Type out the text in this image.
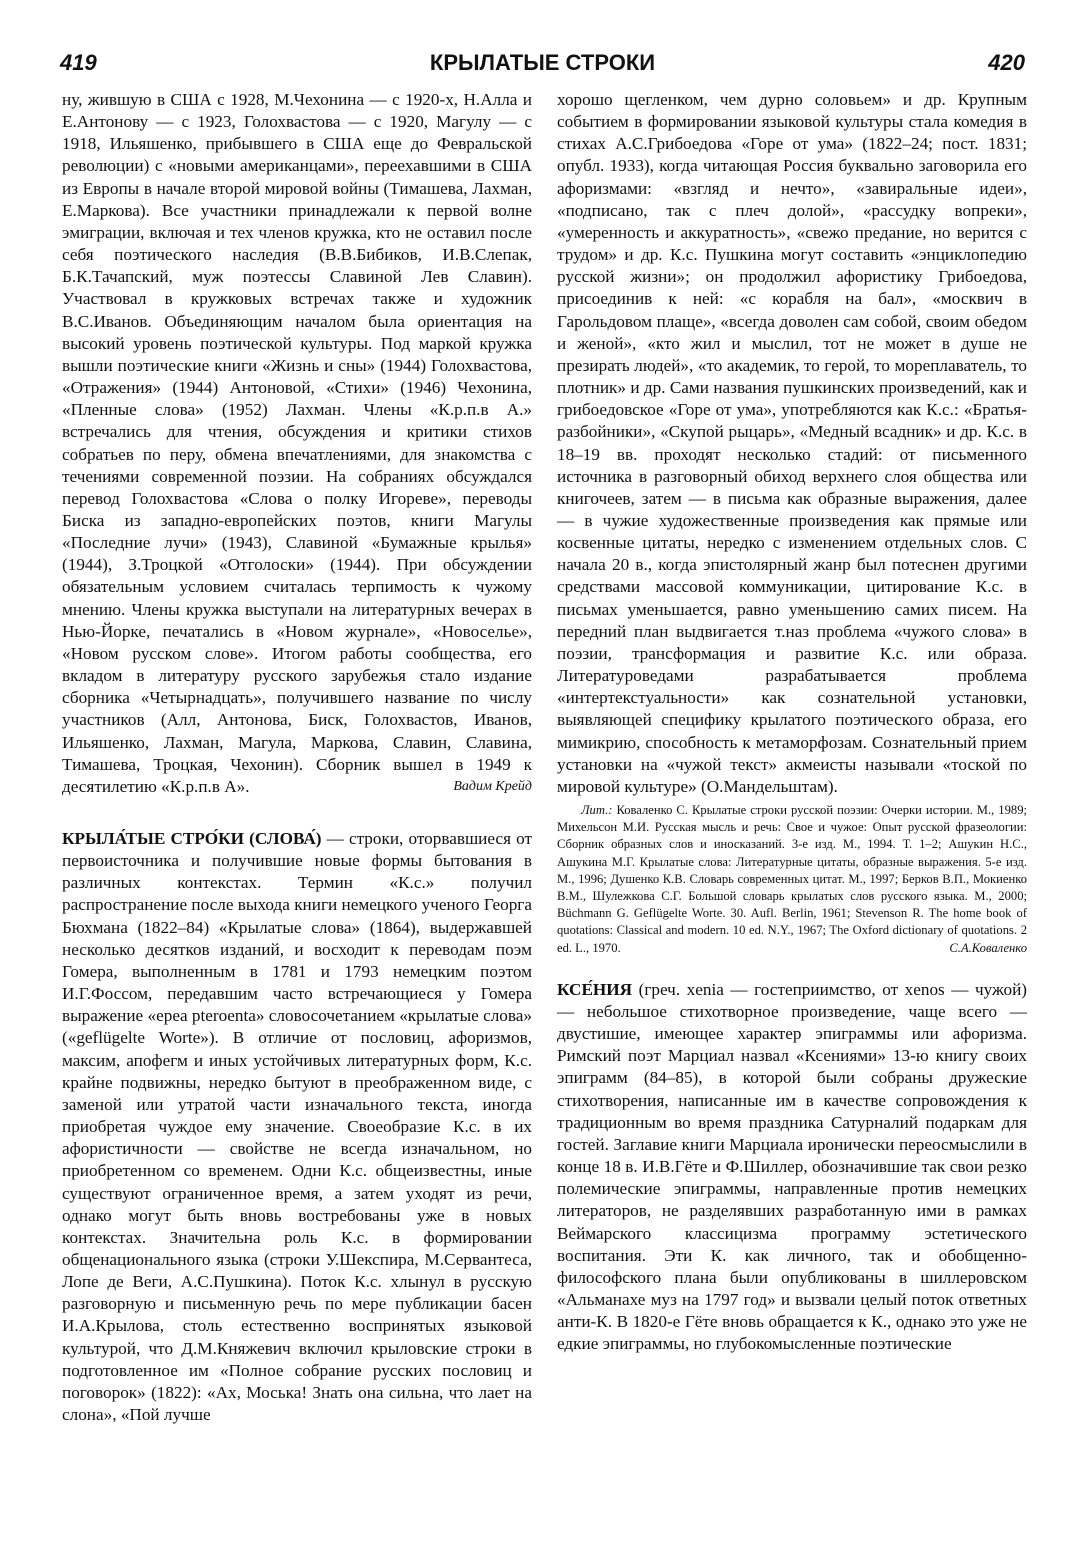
419	КРЫЛАТЫЕ СТРОКИ	420

ну, жившую в США с 1928, М.Чехонина — с 1920-х, Н.Алла и Е.Антонову — с 1923, Голохвастова — с 1920, Магулу — с 1918, Ильяшенко, прибывшего в США еще до Февральской революции) с «новыми американцами», переехавшими в США из Европы в начале второй мировой войны (Тимашева, Лахман, Е.Маркова). Все участники принадлежали к первой волне эмиграции, включая и тех членов кружка, кто не оставил после себя поэтического наследия (В.В.Бибиков, И.В.Слепак, Б.К.Тачапский, муж поэтессы Славиной Лев Славин). Участвовал в кружковых встречах также и художник В.С.Иванов. Объединяющим началом была ориентация на высокий уровень поэтической культуры. Под маркой кружка вышли поэтические книги «Жизнь и сны» (1944) Голохвастова, «Отражения» (1944) Антоновой, «Стихи» (1946) Чехонина, «Пленные слова» (1952) Лахман. Члены «К.р.п.в А.» встречались для чтения, обсуждения и критики стихов собратьев по перу, обмена впечатлениями, для знакомства с течениями современной поэзии. На собраниях обсуждался перевод Голохвастова «Слова о полку Игореве», переводы Биска из западно-европейских поэтов, книги Магулы «Последние лучи» (1943), Славиной «Бумажные крылья» (1944), З.Троцкой «Отголоски» (1944). При обсуждении обязательным условием считалась терпимость к чужому мнению. Члены кружка выступали на литературных вечерах в Нью-Йорке, печатались в «Новом журнале», «Новоселье», «Новом русском слове». Итогом работы сообщества, его вкладом в литературу русского зарубежья стало издание сборника «Четырнадцать», получившего название по числу участников (Алл, Антонова, Биск, Голохвастов, Иванов, Ильяшенко, Лахман, Магула, Маркова, Славин, Славина, Тимашева, Троцкая, Чехонин). Сборник вышел в 1949 к десятилетию «К.р.п.в А».	Вадим Крейд

КРЫЛА́ТЫЕ СТРО́КИ (СЛОВА́) — строки, оторвавшиеся от первоисточника и получившие новые формы бытования в различных контекстах. Термин «К.с.» получил распространение после выхода книги немецкого ученого Георга Бюхмана (1822–84) «Крылатые слова» (1864), выдержавшей несколько десятков изданий, и восходит к переводам поэм Гомера, выполненным в 1781 и 1793 немецким поэтом И.Г.Фоссом, передавшим часто встречающиеся у Гомера выражение «epea pteroenta» словосочетанием «крылатые слова» («geflügelte Worte»). В отличие от пословиц, афоризмов, максим, апофегм и иных устойчивых литературных форм, К.с. крайне подвижны, нередко бытуют в преображенном виде, с заменой или утратой части изначального текста, иногда приобретая чуждое ему значение. Своеобразие К.с. в их афористичности — свойстве не всегда изначальном, но приобретенном со временем. Одни К.с. общеизвестны, иные существуют ограниченное время, а затем уходят из речи, однако могут быть вновь востребованы уже в новых контекстах. Значительна роль К.с. в формировании общенационального языка (строки У.Шекспира, М.Сервантеса, Лопе де Веги, А.С.Пушкина). Поток К.с. хлынул в русскую разговорную и письменную речь по мере публикации басен И.А.Крылова, столь естественно воспринятых языковой культурой, что Д.М.Княжевич включил крыловские строки в подготовленное им «Полное собрание русских пословиц и поговорок» (1822): «Ах, Моська! Знать она сильна, что лает на слона», «Пой лучше

хорошо щегленком, чем дурно соловьем» и др. Крупным событием в формировании языковой культуры стала комедия в стихах А.С.Грибоедова «Горе от ума» (1822–24; пост. 1831; опубл. 1933), когда читающая Россия буквально заговорила его афоризмами: «взгляд и нечто», «завиральные идеи», «подписано, так с плеч долой», «рассудку вопреки», «умеренность и аккуратность», «свежо предание, но верится с трудом» и др. К.с. Пушкина могут составить «энциклопедию русской жизни»; он продолжил афористику Грибоедова, присоединив к ней: «с корабля на бал», «москвич в Гарольдовом плаще», «всегда доволен сам собой, своим обедом и женой», «кто жил и мыслил, тот не может в душе не презирать людей», «то академик, то герой, то мореплаватель, то плотник» и др. Сами названия пушкинских произведений, как и грибоедовское «Горе от ума», употребляются как К.с.: «Братья-разбойники», «Скупой рыцарь», «Медный всадник» и др. К.с. в 18–19 вв. проходят несколько стадий: от письменного источника в разговорный обиход верхнего слоя общества или книгочеев, затем — в письма как образные выражения, далее — в чужие художественные произведения как прямые или косвенные цитаты, нередко с изменением отдельных слов. С начала 20 в., когда эпистолярный жанр был потеснен другими средствами массовой коммуникации, цитирование К.с. в письмах уменьшается, равно уменьшению самих писем. На передний план выдвигается т.наз проблема «чужого слова» в поэзии, трансформация и развитие К.с. или образа. Литературоведами разрабатывается проблема «интертекстуальности» как сознательной установки, выявляющей специфику крылатого поэтического образа, его мимикрию, способность к метаморфозам. Сознательный прием установки на «чужой текст» акмеисты называли «тоской по мировой культуре» (О.Мандельштам).

Лит.: Коваленко С. Крылатые строки русской поэзии: Очерки истории. М., 1989; Михельсон М.И. Русская мысль и речь: Свое и чужое: Опыт русской фразеологии: Сборник образных слов и иносказаний. 3-е изд. М., 1994. Т. 1–2; Ашукин Н.С., Ашукина М.Г. Крылатые слова: Литературные цитаты, образные выражения. 5-е изд. М., 1996; Душенко К.В. Словарь современных цитат. М., 1997; Берков В.П., Мокиенко В.М., Шулежкова С.Г. Большой словарь крылатых слов русского языка. М., 2000; Büchmann G. Geflügelte Worte. 30. Aufl. Berlin, 1961; Stevenson R. The home book of quotations: Classical and modern. 10 ed. N.Y., 1967; The Oxford dictionary of quotations. 2 ed. L., 1970.	С.А.Коваленко

КСЕ́НИЯ (греч. xenia — гостеприимство, от xenos — чужой) — небольшое стихотворное произведение, чаще всего — двустишие, имеющее характер эпиграммы или афоризма. Римский поэт Марциал назвал «Ксениями» 13-ю книгу своих эпиграмм (84–85), в которой были собраны дружеские стихотворения, написанные им в качестве сопровождения к традиционным во время праздника Сатурналий подаркам для гостей. Заглавие книги Марциала иронически переосмыслили в конце 18 в. И.В.Гёте и Ф.Шиллер, обозначившие так свои резко полемические эпиграммы, направленные против немецких литераторов, не разделявших разработанную ими в рамках Веймарского классицизма программу эстетического воспитания. Эти К. как личного, так и обобщенно-философского плана были опубликованы в шиллеровском «Альманахе муз на 1797 год» и вызвали целый поток ответных анти-К. В 1820-е Гёте вновь обращается к К., однако это уже не едкие эпиграммы, но глубокомысленные поэтические
